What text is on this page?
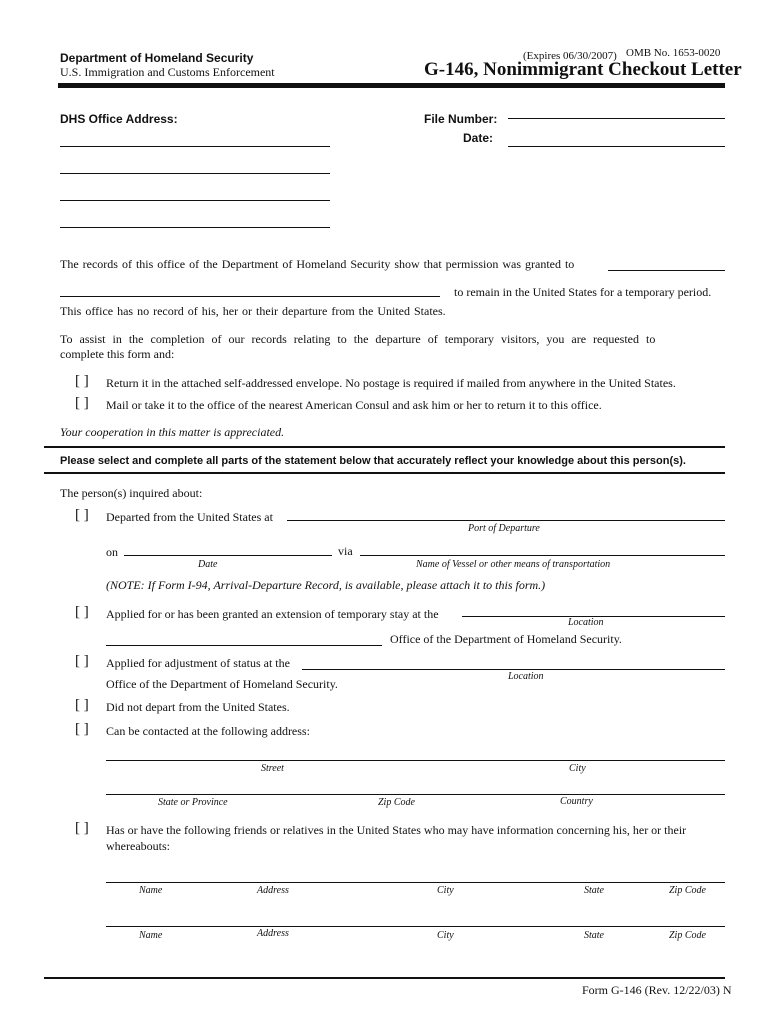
Department of Homeland Security
U.S. Immigration and Customs Enforcement
(Expires 06/30/2007) OMB No. 1653-0020
G-146, Nonimmigrant Checkout Letter
DHS Office Address:	File Number:
Date:
The records of this office of the Department of Homeland Security show that permission was granted to
to remain in the United States for a temporary period.
This office has no record of his, her or their departure from the United States.
To assist in the completion of our records relating to the departure of temporary visitors, you are requested to
complete this form and:
[ ] Return it in the attached self-addressed envelope. No postage is required if mailed from anywhere in the United States.
[ ] Mail or take it to the office of the nearest American Consul and ask him or her to return it to this office.
Your cooperation in this matter is appreciated.
Please select and complete all parts of the statement below that accurately reflect your knowledge about this person(s).
The person(s) inquired about:
[ ] Departed from the United States at
Port of Departure
on	via
Date	Name of Vessel or other means of transportation
(NOTE: If Form I-94, Arrival-Departure Record, is available, please attach it to this form.)
[ ] Applied for or has been granted an extension of temporary stay at the
Location
Office of the Department of Homeland Security.
[ ] Applied for adjustment of status at the
Location
Office of the Department of Homeland Security.
[ ] Did not depart from the United States.
[ ] Can be contacted at the following address:
Street	City
State or Province	Zip Code	Country
[ ] Has or have the following friends or relatives in the United States who may have information concerning his, her or their
whereabouts:
Name	Address	City	State	Zip Code
Name	Address	City	State	Zip Code
Form G-146 (Rev. 12/22/03) N
